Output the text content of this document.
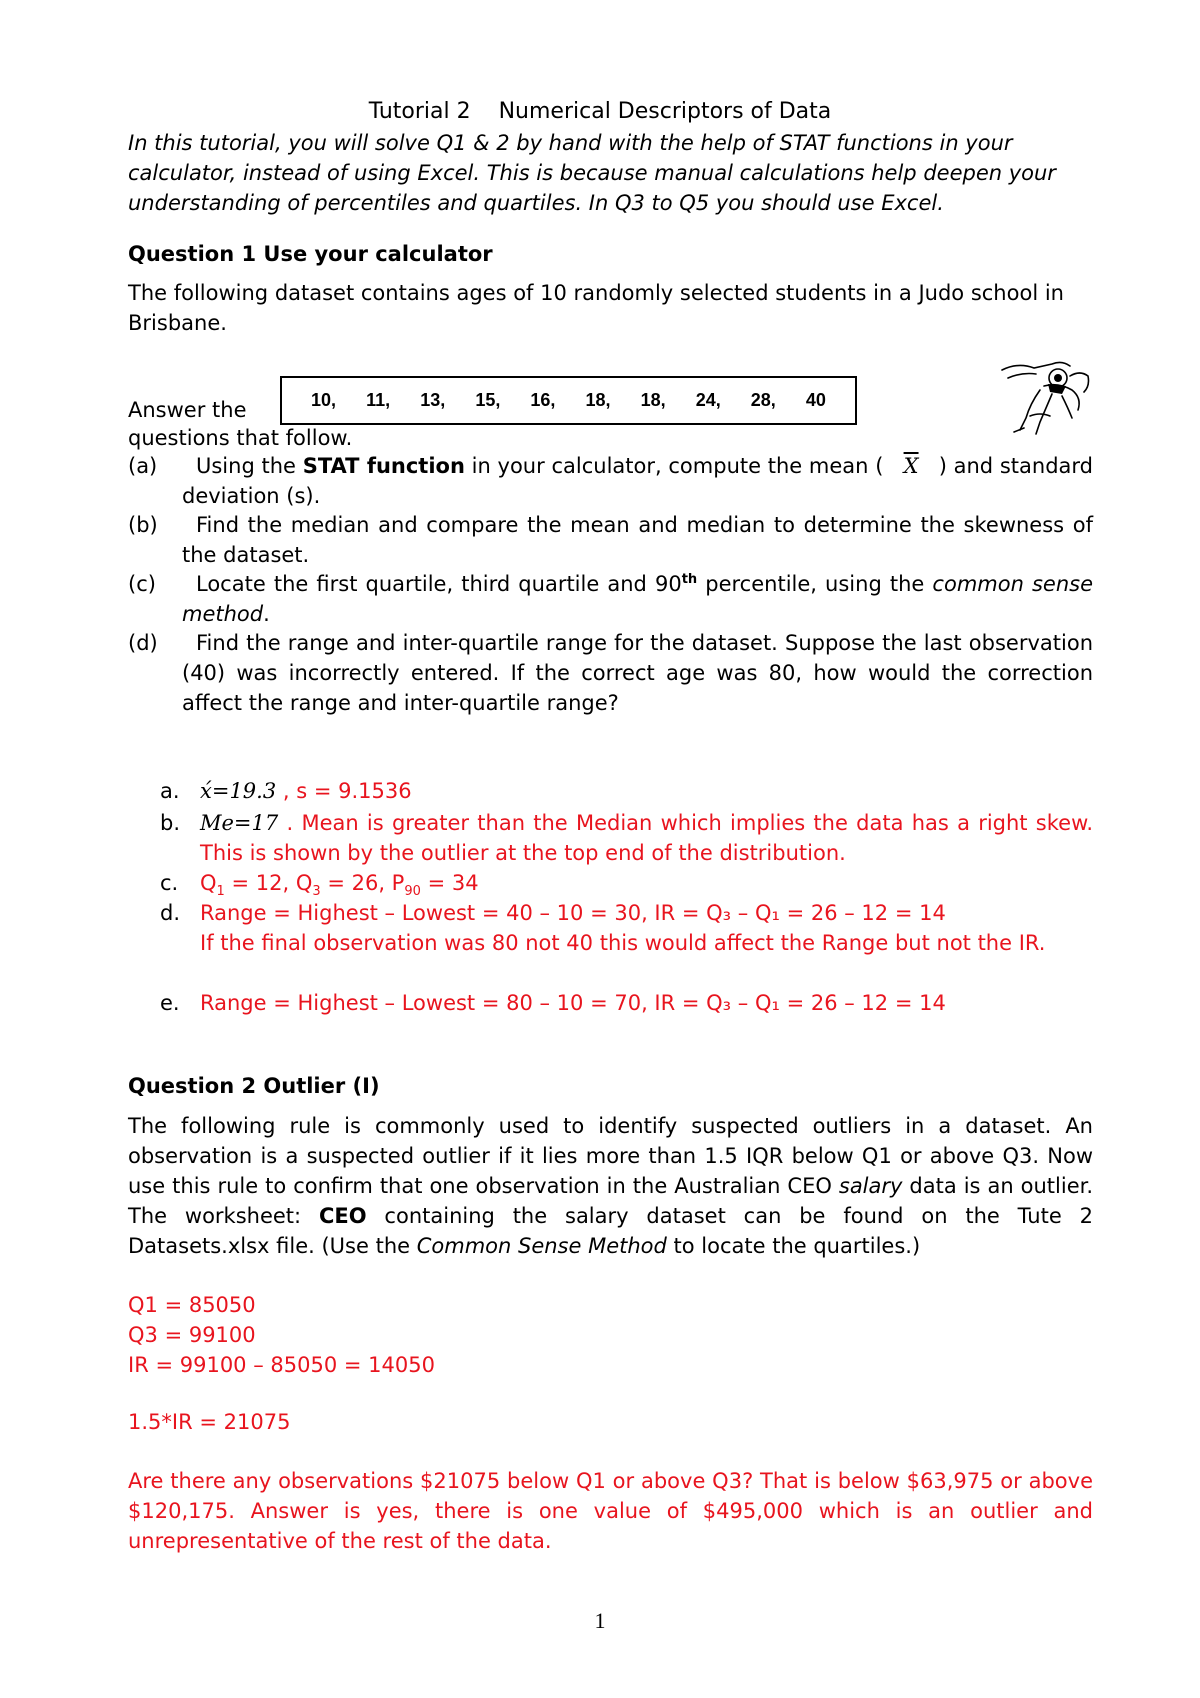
Tutorial 2 Numerical Descriptors of Data
In this tutorial, you will solve Q1 & 2 by hand with the help of STAT functions in your calculator, instead of using Excel. This is because manual calculations help deepen your understanding of percentiles and quartiles. In Q3 to Q5 you should use Excel.
Question 1 Use your calculator
The following dataset contains ages of 10 randomly selected students in a Judo school in Brisbane.
10, 11, 13, 15, 16, 18, 18, 24, 28, 40
Answer the
questions that follow.
(a)	Using the STAT function in your calculator, compute the mean ( $\overline{X}$ ) and standard deviation (s).
(b)	Find the median and compare the mean and median to determine the skewness of the dataset.
(c)	Locate the first quartile, third quartile and 90th percentile, using the common sense method.
(d)	Find the range and inter-quartile range for the dataset. Suppose the last observation (40) was incorrectly entered. If the correct age was 80, how would the correction affect the range and inter-quartile range?
a. x́=19.3 , s = 9.1536
b. Me=17 . Mean is greater than the Median which implies the data has a right skew. This is shown by the outlier at the top end of the distribution.
c. $Q_1 = 12$, $Q_3 = 26$, $P_{90} = 34$
d. Range = Highest – Lowest = 40 – 10 = 30, IR = Q₃ – Q₁ = 26 – 12 = 14
If the final observation was 80 not 40 this would affect the Range but not the IR.
e. Range = Highest – Lowest = 80 – 10 = 70, IR = Q₃ – Q₁ = 26 – 12 = 14
Question 2 Outlier (I)
The following rule is commonly used to identify suspected outliers in a dataset. An observation is a suspected outlier if it lies more than 1.5 IQR below Q1 or above Q3. Now use this rule to confirm that one observation in the Australian CEO salary data is an outlier. The worksheet: CEO containing the salary dataset can be found on the Tute 2 Datasets.xlsx file. (Use the Common Sense Method to locate the quartiles.)
Q1 = 85050
Q3 = 99100
IR = 99100 – 85050 = 14050
1.5*IR = 21075
Are there any observations $21075 below Q1 or above Q3? That is below $63,975 or above $120,175. Answer is yes, there is one value of $495,000 which is an outlier and unrepresentative of the rest of the data.
1
